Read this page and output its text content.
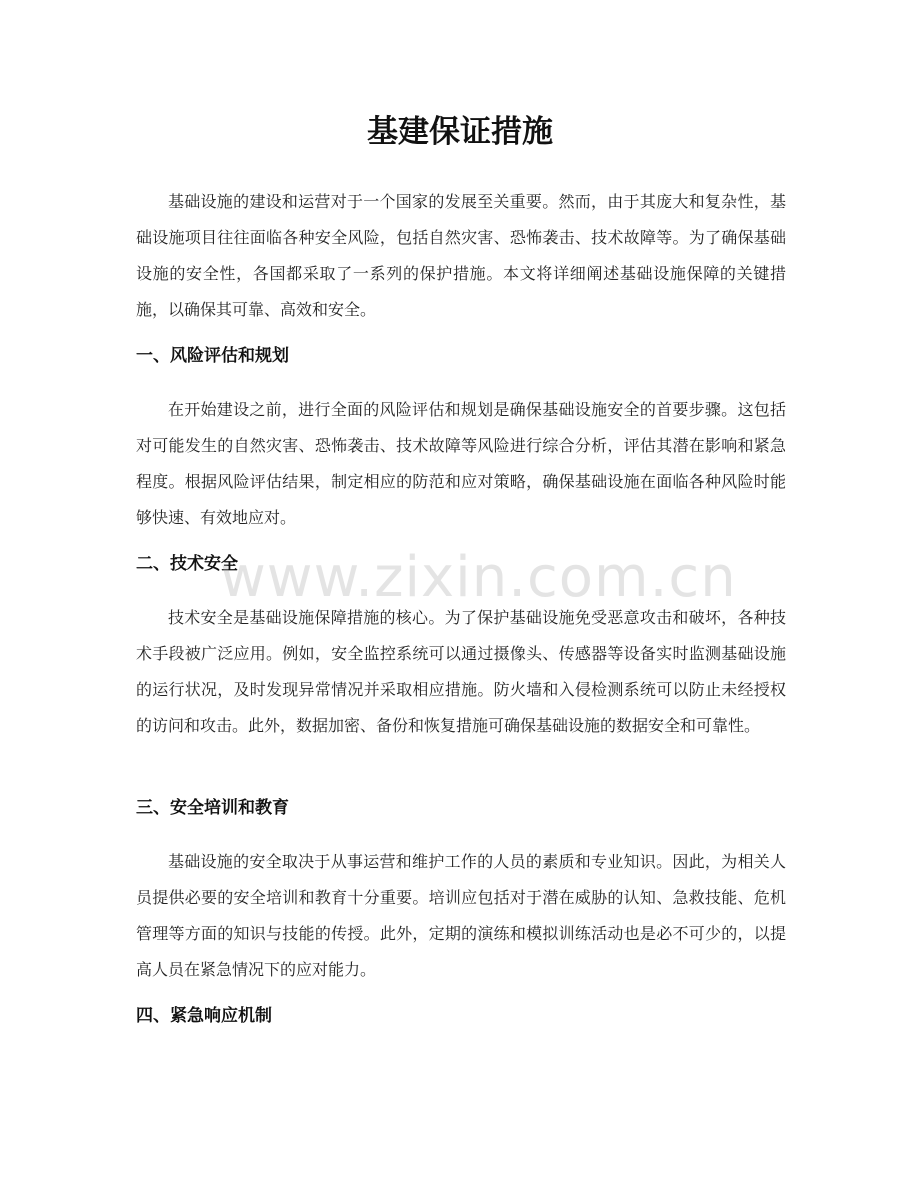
基建保证措施

基础设施的建设和运营对于一个国家的发展至关重要。然而，由于其庞大和复杂性，基础设施项目往往面临各种安全风险，包括自然灾害、恐怖袭击、技术故障等。为了确保基础设施的安全性，各国都采取了一系列的保护措施。本文将详细阐述基础设施保障的关键措施，以确保其可靠、高效和安全。

一、风险评估和规划

在开始建设之前，进行全面的风险评估和规划是确保基础设施安全的首要步骤。这包括对可能发生的自然灾害、恐怖袭击、技术故障等风险进行综合分析，评估其潜在影响和紧急程度。根据风险评估结果，制定相应的防范和应对策略，确保基础设施在面临各种风险时能够快速、有效地应对。

二、技术安全

技术安全是基础设施保障措施的核心。为了保护基础设施免受恶意攻击和破坏，各种技术手段被广泛应用。例如，安全监控系统可以通过摄像头、传感器等设备实时监测基础设施的运行状况，及时发现异常情况并采取相应措施。防火墙和入侵检测系统可以防止未经授权的访问和攻击。此外，数据加密、备份和恢复措施可确保基础设施的数据安全和可靠性。

三、安全培训和教育

基础设施的安全取决于从事运营和维护工作的人员的素质和专业知识。因此，为相关人员提供必要的安全培训和教育十分重要。培训应包括对于潜在威胁的认知、急救技能、危机管理等方面的知识与技能的传授。此外，定期的演练和模拟训练活动也是必不可少的，以提高人员在紧急情况下的应对能力。

四、紧急响应机制
www.zixin.com.cn
